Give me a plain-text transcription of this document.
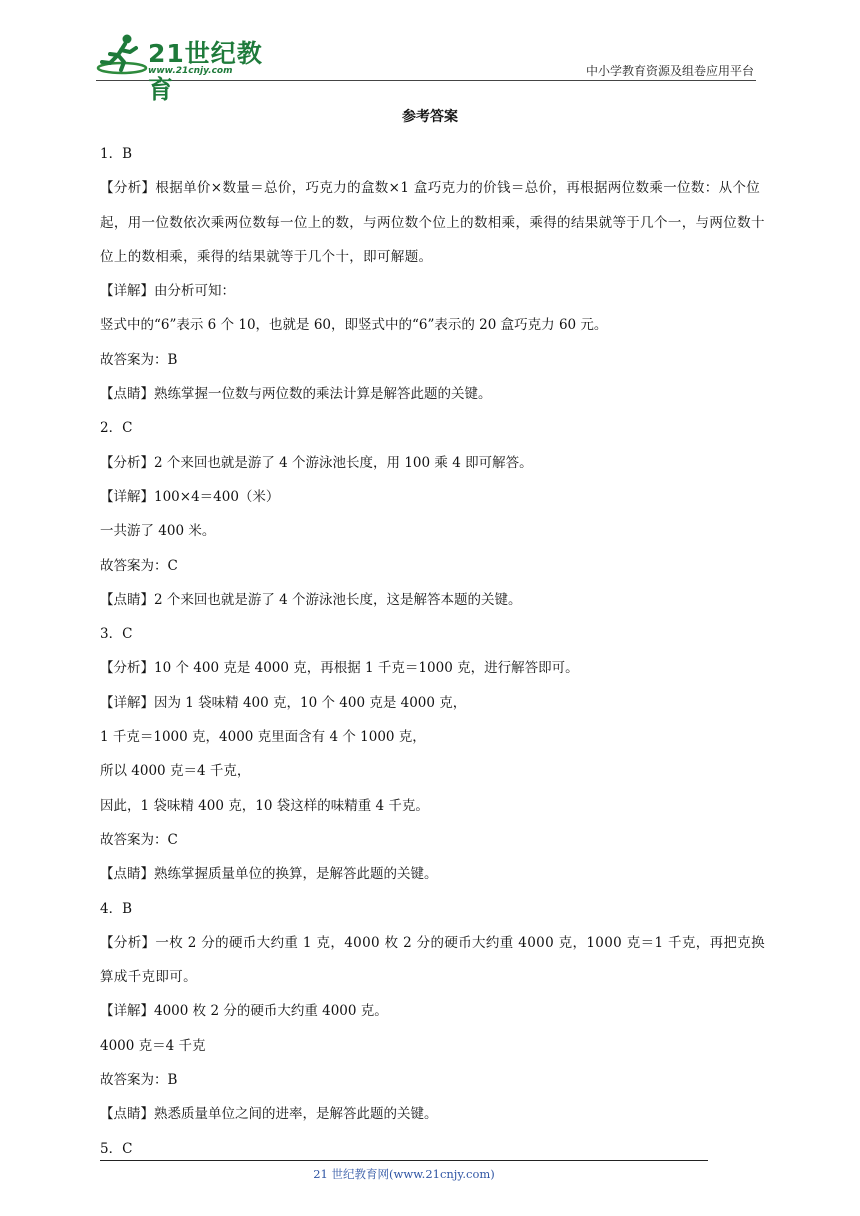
21世纪教育
www.21cnjy.com	中小学教育资源及组卷应用平台
参考答案

1．B

【分析】根据单价×数量＝总价，巧克力的盒数×1 盒巧克力的价钱＝总价，再根据两位数乘一位数：从个位起，用一位数依次乘两位数每一位上的数，与两位数个位上的数相乘，乘得的结果就等于几个一，与两位数十位上的数相乘，乘得的结果就等于几个十，即可解题。

【详解】由分析可知：

竖式中的“6”表示 6 个 10，也就是 60，即竖式中的“6”表示的 20 盒巧克力 60 元。

故答案为：B

【点睛】熟练掌握一位数与两位数的乘法计算是解答此题的关键。

2．C

【分析】2 个来回也就是游了 4 个游泳池长度，用 100 乘 4 即可解答。

【详解】100×4＝400（米）

一共游了 400 米。

故答案为：C

【点睛】2 个来回也就是游了 4 个游泳池长度，这是解答本题的关键。

3．C

【分析】10 个 400 克是 4000 克，再根据 1 千克＝1000 克，进行解答即可。

【详解】因为 1 袋味精 400 克，10 个 400 克是 4000 克，

1 千克＝1000 克，4000 克里面含有 4 个 1000 克，

所以 4000 克＝4 千克，

因此，1 袋味精 400 克，10 袋这样的味精重 4 千克。

故答案为：C

【点睛】熟练掌握质量单位的换算，是解答此题的关键。

4．B

【分析】一枚 2 分的硬币大约重 1 克，4000 枚 2 分的硬币大约重 4000 克，1000 克＝1 千克，再把克换算成千克即可。

【详解】4000 枚 2 分的硬币大约重 4000 克。

4000 克＝4 千克

故答案为：B

【点睛】熟悉质量单位之间的进率，是解答此题的关键。

5．C

21 世纪教育网(www.21cnjy.com)
